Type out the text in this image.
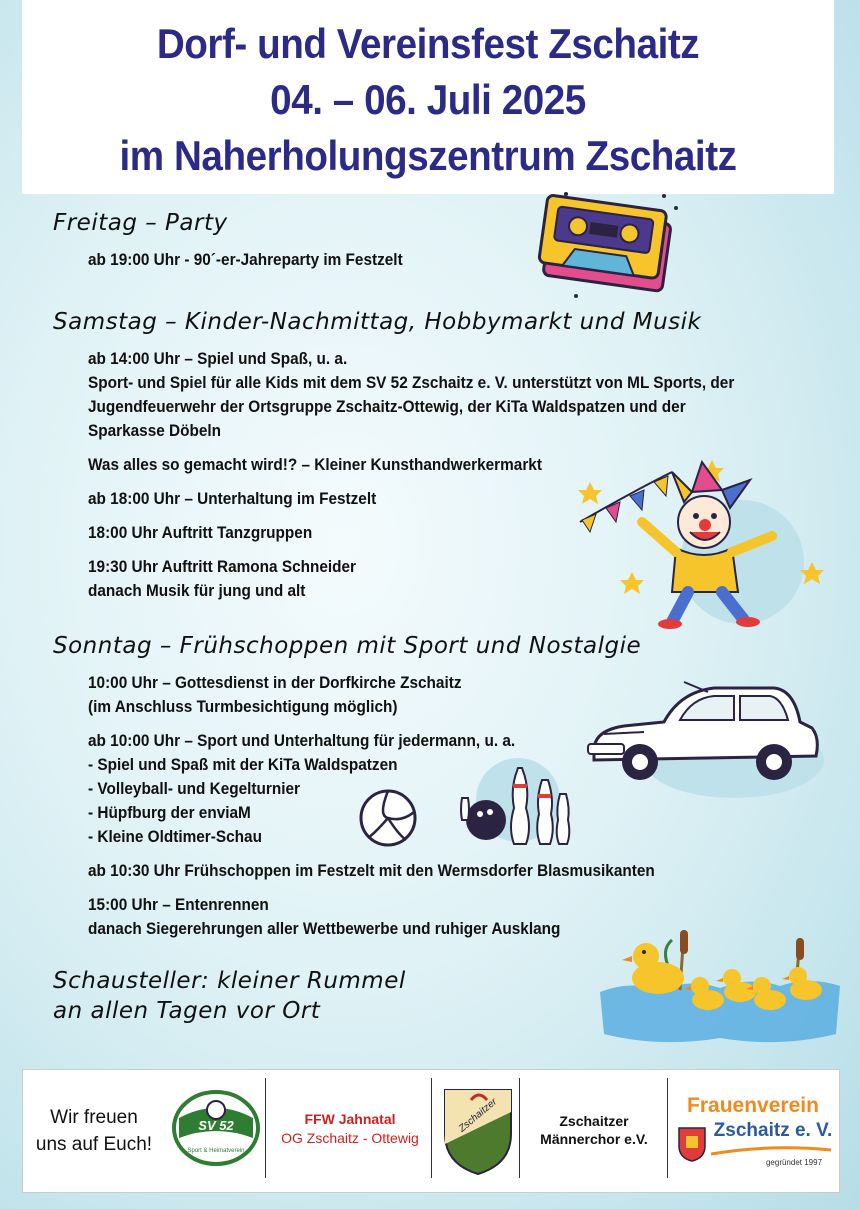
Dorf- und Vereinsfest Zschaitz
04. – 06. Juli 2025
im Naherholungszentrum Zschaitz
Freitag – Party
ab 19:00 Uhr - 90´-er-Jahreparty im Festzelt
Samstag – Kinder-Nachmittag, Hobbymarkt und Musik
ab 14:00 Uhr – Spiel und Spaß, u. a.
Sport- und Spiel für alle Kids mit dem SV 52 Zschaitz e. V. unterstützt von ML Sports, der
Jugendfeuerwehr der Ortsgruppe Zschaitz-Ottewig, der KiTa Waldspatzen und der
Sparkasse Döbeln
Was alles so gemacht wird!? – Kleiner Kunsthandwerkermarkt
ab 18:00 Uhr – Unterhaltung im Festzelt
18:00 Uhr Auftritt Tanzgruppen
19:30 Uhr Auftritt Ramona Schneider
danach Musik für jung und alt
Sonntag – Frühschoppen mit Sport und Nostalgie
10:00 Uhr – Gottesdienst in der Dorfkirche Zschaitz
(im Anschluss Turmbesichtigung möglich)
ab 10:00 Uhr – Sport und Unterhaltung für jedermann, u. a.
- Spiel und Spaß mit der KiTa Waldspatzen
- Volleyball- und Kegelturnier
- Hüpfburg der enviaM
- Kleine Oldtimer-Schau
ab 10:30 Uhr Frühschoppen im Festzelt mit den Wermsdorfer Blasmusikanten
15:00 Uhr – Entenrennen
danach Siegerehrungen aller Wettbewerbe und ruhiger Ausklang
Schausteller: kleiner Rummel
an allen Tagen vor Ort
Wir freuen
uns auf Euch!
SV 52 Zschaitz
Sport & Heimatverein
FFW Jahnatal
OG Zschaitz - Ottewig
Zschaitzer	Zschaitzer
Männerchor e.V.
Frauenverein
Zschaitz e. V.
gegründet 1997
